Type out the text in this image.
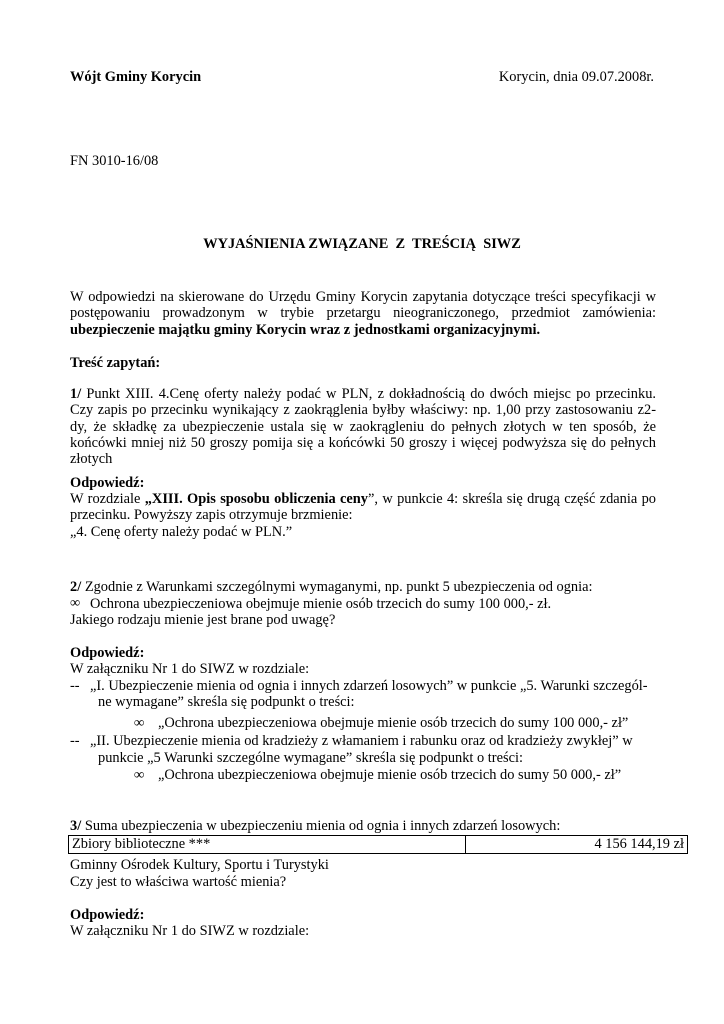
Wójt Gminy Korycin	Korycin, dnia 09.07.2008r.
FN 3010-16/08
WYJAŚNIENIA ZWIĄZANE  Z  TREŚCIĄ  SIWZ
W odpowiedzi na skierowane do Urzędu Gminy Korycin zapytania dotyczące treści specyfikacji w postępowaniu prowadzonym w trybie przetargu nieograniczonego, przedmiot zamówienia: ubezpieczenie majątku gminy Korycin wraz z jednostkami organizacyjnymi.
Treść zapytań:
1/ Punkt XIII. 4.Cenę oferty należy podać w PLN, z dokładnością do dwóch miejsc po przecinku. Czy zapis po przecinku wynikający z zaokrąglenia byłby właściwy: np. 1,00 przy zastosowaniu z2-dy, że składkę za ubezpieczenie ustala się w zaokrągleniu do pełnych złotych w ten sposób, że końcówki mniej niż 50 groszy pomija się a końcówki 50 groszy i więcej podwyższa się do pełnych złotych
Odpowiedź:
W rozdziale „XIII. Opis sposobu obliczenia ceny”, w punkcie 4: skreśla się drugą część zdania po przecinku. Powyższy zapis otrzymuje brzmienie:
„4. Cenę oferty należy podać w PLN.”
2/ Zgodnie z Warunkami szczególnymi wymaganymi, np. punkt 5 ubezpieczenia od ognia:
∞ Ochrona ubezpieczeniowa obejmuje mienie osób trzecich do sumy 100 000,- zł.
Jakiego rodzaju mienie jest brane pod uwagę?
Odpowiedź:
W załączniku Nr 1 do SIWZ w rozdziale:
-- „I. Ubezpieczenie mienia od ognia i innych zdarzeń losowych” w punkcie „5. Warunki szczegól-
ne wymagane” skreśla się podpunkt o treści:
∞ „Ochrona ubezpieczeniowa obejmuje mienie osób trzecich do sumy 100 000,- zł”
-- „II. Ubezpieczenie mienia od kradzieży z włamaniem i rabunku oraz od kradzieży zwykłej” w
punkcie „5 Warunki szczególne wymagane” skreśla się podpunkt o treści:
∞ „Ochrona ubezpieczeniowa obejmuje mienie osób trzecich do sumy 50 000,- zł”
3/ Suma ubezpieczenia w ubezpieczeniu mienia od ognia i innych zdarzeń losowych:
Zbiory biblioteczne ***	4 156 144,19 zł
Gminny Ośrodek Kultury, Sportu i Turystyki
Czy jest to właściwa wartość mienia?
Odpowiedź:
W załączniku Nr 1 do SIWZ w rozdziale:
